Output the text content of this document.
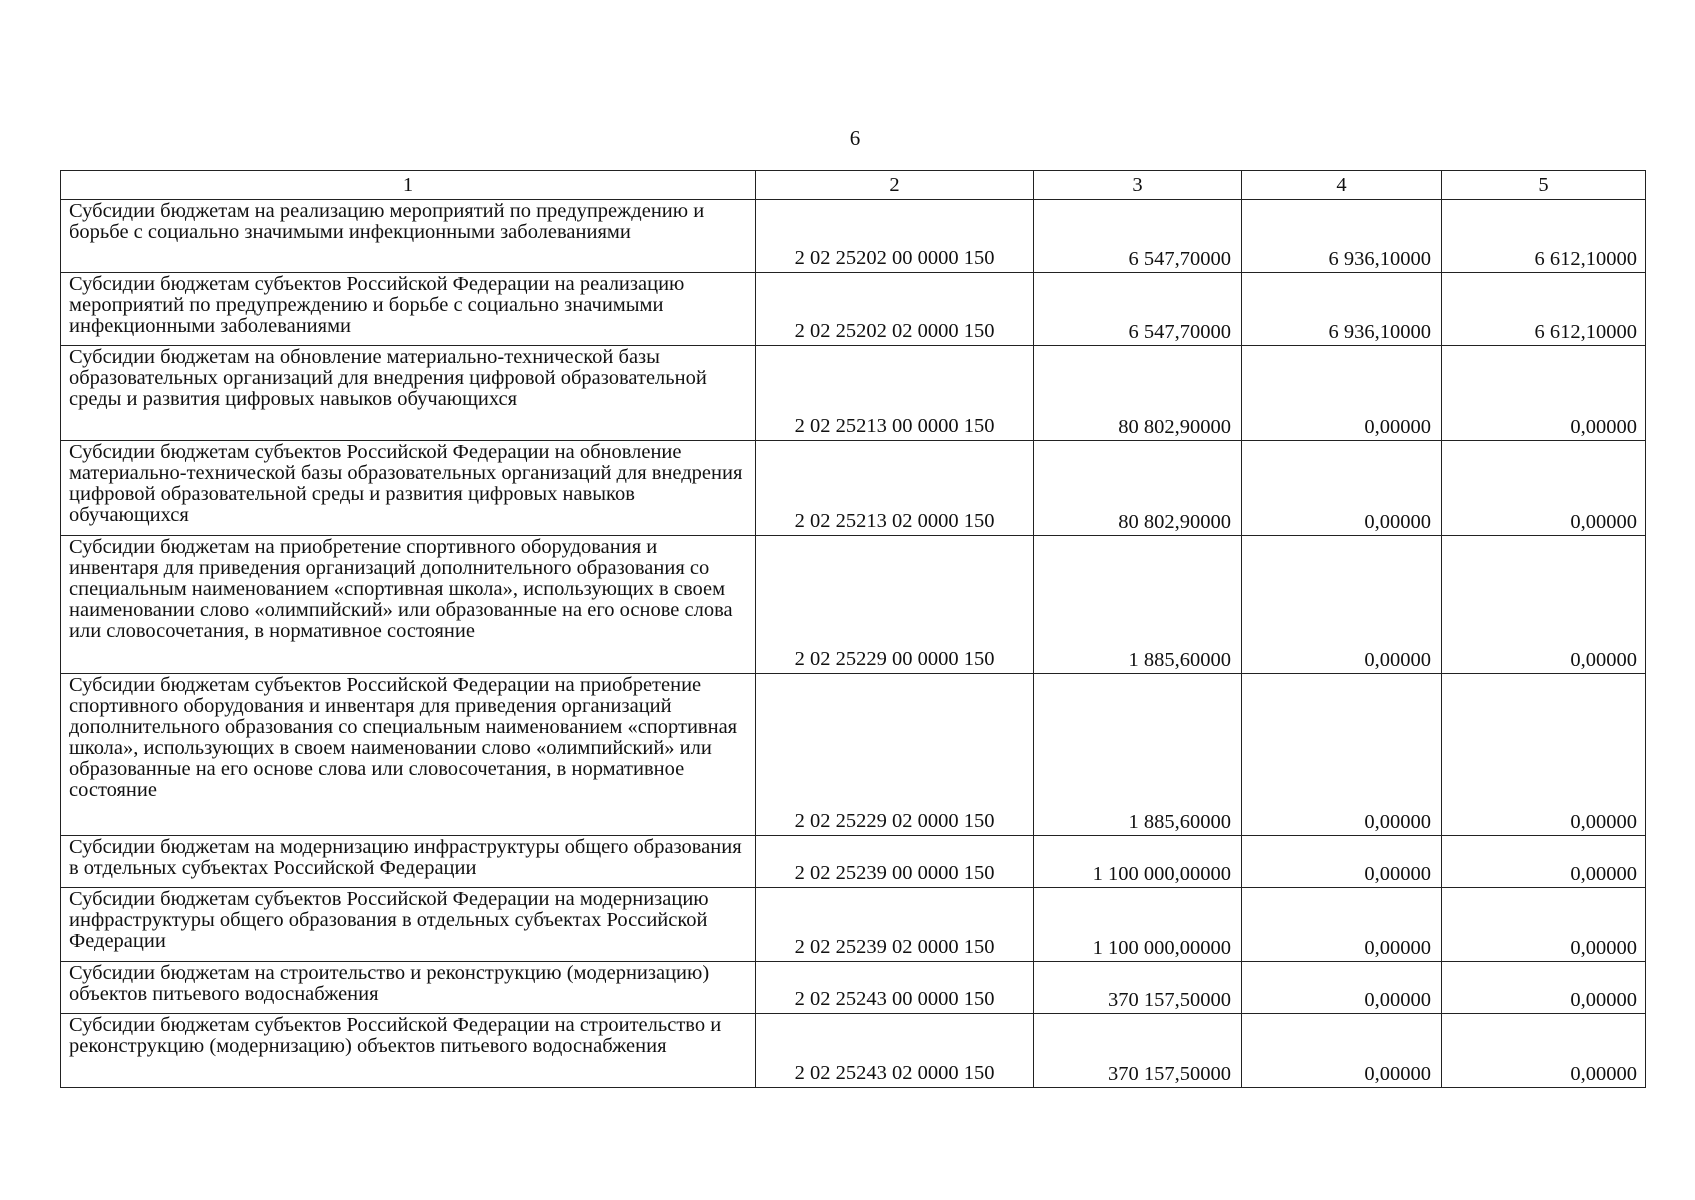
6
1	2	3	4	5
Субсидии бюджетам на реализацию мероприятий по предупреждению и борьбе с социально значимыми инфекционными заболеваниями	2 02 25202 00 0000 150	6 547,70000	6 936,10000	6 612,10000
Субсидии бюджетам субъектов Российской Федерации на реализацию мероприятий по предупреждению и борьбе с социально значимыми инфекционными заболеваниями	2 02 25202 02 0000 150	6 547,70000	6 936,10000	6 612,10000
Субсидии бюджетам на обновление материально-технической базы образовательных организаций для внедрения цифровой образовательной среды и развития цифровых навыков обучающихся	2 02 25213 00 0000 150	80 802,90000	0,00000	0,00000
Субсидии бюджетам субъектов Российской Федерации на обновление материально-технической базы образовательных организаций для внедрения цифровой образовательной среды и развития цифровых навыков обучающихся	2 02 25213 02 0000 150	80 802,90000	0,00000	0,00000
Субсидии бюджетам на приобретение спортивного оборудования и инвентаря для приведения организаций дополнительного образования со специальным наименованием «спортивная школа», использующих в своем наименовании слово «олимпийский» или образованные на его основе слова или словосочетания, в нормативное состояние	2 02 25229 00 0000 150	1 885,60000	0,00000	0,00000
Субсидии бюджетам субъектов Российской Федерации на приобретение спортивного оборудования и инвентаря для приведения организаций дополнительного образования со специальным наименованием «спортивная школа», использующих в своем наименовании слово «олимпийский» или образованные на его основе слова или словосочетания, в нормативное состояние	2 02 25229 02 0000 150	1 885,60000	0,00000	0,00000
Субсидии бюджетам на модернизацию инфраструктуры общего образования в отдельных субъектах Российской Федерации	2 02 25239 00 0000 150	1 100 000,00000	0,00000	0,00000
Субсидии бюджетам субъектов Российской Федерации на модернизацию инфраструктуры общего образования в отдельных субъектах Российской Федерации	2 02 25239 02 0000 150	1 100 000,00000	0,00000	0,00000
Субсидии бюджетам на строительство и реконструкцию (модернизацию) объектов питьевого водоснабжения	2 02 25243 00 0000 150	370 157,50000	0,00000	0,00000
Субсидии бюджетам субъектов Российской Федерации на строительство и реконструкцию (модернизацию) объектов питьевого водоснабжения	2 02 25243 02 0000 150	370 157,50000	0,00000	0,00000
